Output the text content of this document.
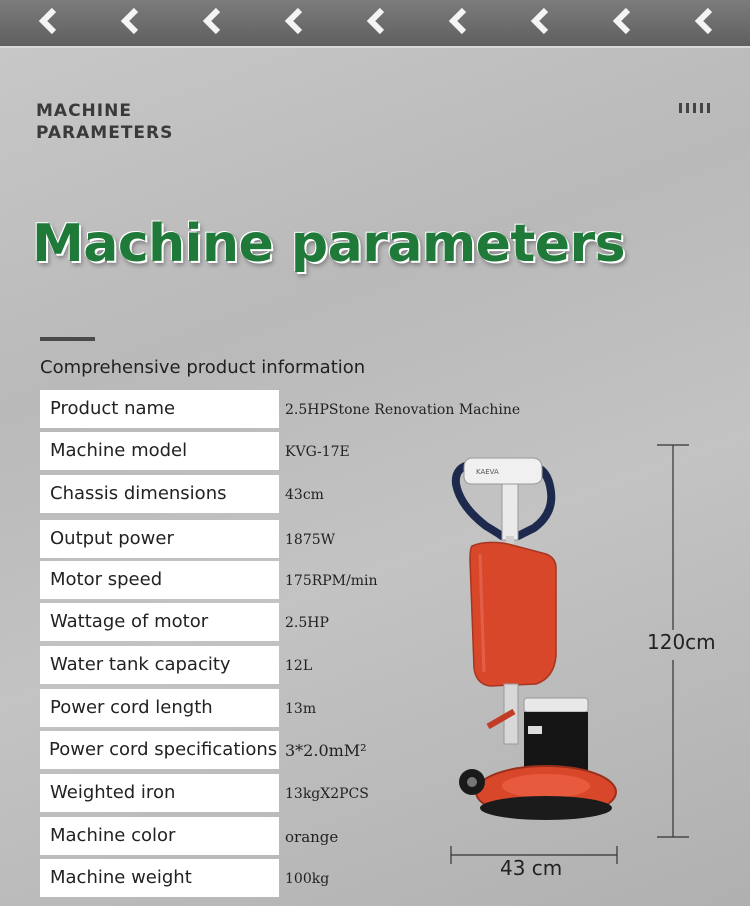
MACHINE
PARAMETERS
Machine parameters
Comprehensive product information
Product name	2.5HPStone Renovation Machine
Machine model	KVG-17E
Chassis dimensions	43cm
Output power	1875W
Motor speed	175RPM/min
Wattage of motor	2.5HP
Water tank capacity	12L
Power cord length	13m
Power cord specifications 3*2.0mM²
Weighted iron	13kgX2PCS
Machine color	orange
Machine weight	100kg
120cm
43 cm
KAEVA
